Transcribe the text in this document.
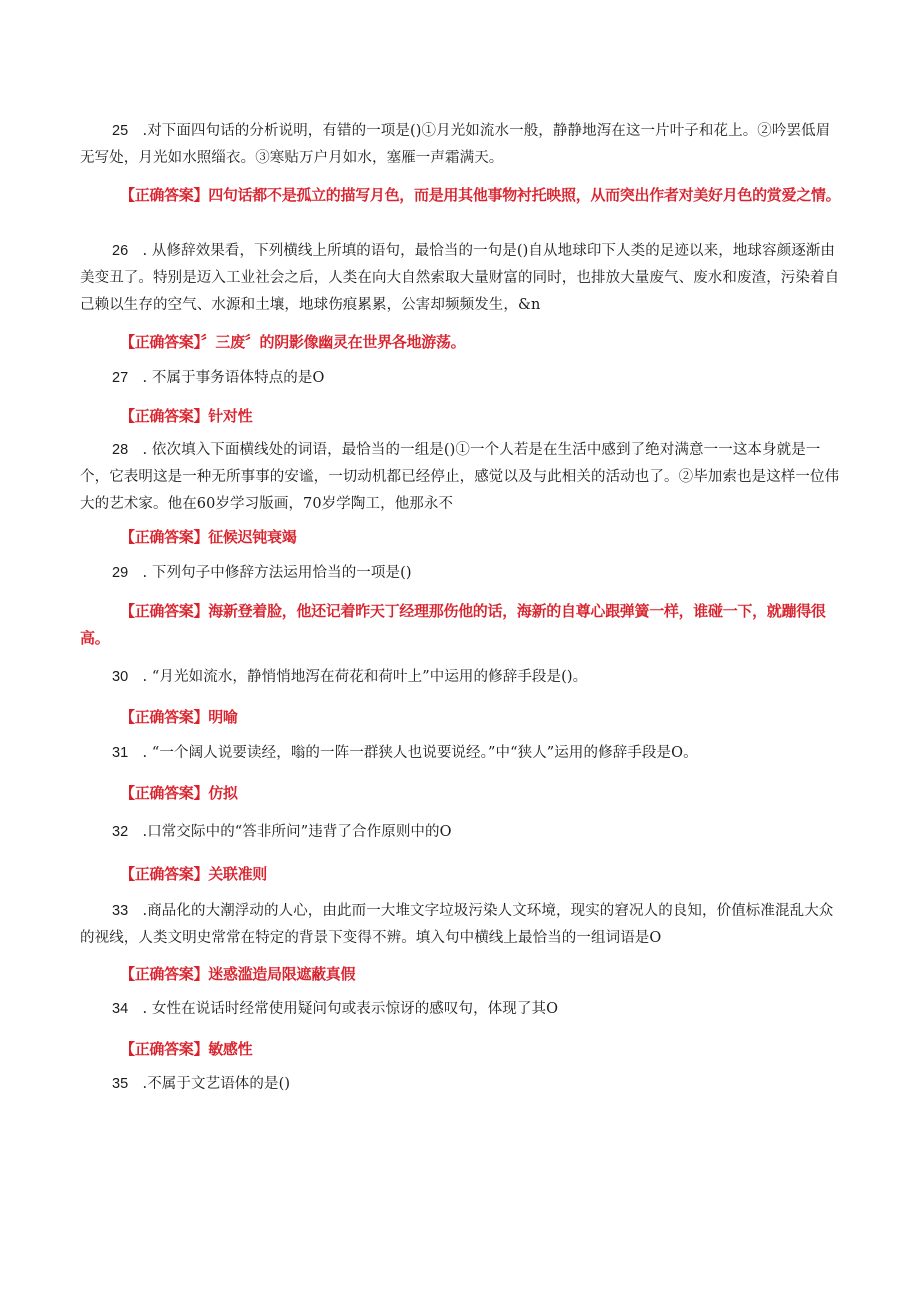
25 .对下面四句话的分析说明，有错的一项是()①月光如流水一般，静静地泻在这一片叶子和花上。②吟罢低眉无写处，月光如水照缁衣。③寒贴万户月如水，塞雁一声霜满天。

【正确答案】四句话都不是孤立的描写月色，而是用其他事物衬托映照，从而突出作者对美好月色的赏爱之情。

26 . 从修辞效果看，下列横线上所填的语句，最恰当的一句是()自从地球印下人类的足迹以来，地球容颜逐渐由美变丑了。特别是迈入工业社会之后，人类在向大自然索取大量财富的同时，也排放大量废气、废水和废渣，污染着自己赖以生存的空气、水源和土壤，地球伤痕累累，公害却频频发生，&n

【正确答案】〞三废〞的阴影像幽灵在世界各地游荡。

27 . 不属于事务语体特点的是O

【正确答案】针对性

28 . 依次填入下面横线处的词语，最恰当的一组是()①一个人若是在生活中感到了绝对满意一一这本身就是一个，它表明这是一种无所事事的安谧，一切动机都已经停止，感觉以及与此相关的活动也了。②毕加索也是这样一位伟大的艺术家。他在60岁学习版画，70岁学陶工，他那永不

【正确答案】征候迟钝衰竭

29 . 下列句子中修辞方法运用恰当的一项是()

【正确答案】海新登着脸，他还记着昨天丁经理那伤他的话，海新的自尊心跟弹簧一样，谁碰一下，就蹦得很高。

30 . “月光如流水，静悄悄地泻在荷花和荷叶上”中运用的修辞手段是()。

【正确答案】明喻

31 . “一个阔人说要读经，嗡的一阵一群狭人也说要说经。”中“狭人”运用的修辞手段是O。

【正确答案】仿拟

32 .口常交际中的“答非所问”违背了合作原则中的O

【正确答案】关联准则

33 .商品化的大潮浮动的人心，由此而一大堆文字垃圾污染人文环境，现实的窘况人的良知，价值标准混乱大众的视线，人类文明史常常在特定的背景下变得不辨。填入句中横线上最恰当的一组词语是O

【正确答案】迷惑滥造局限遮蔽真假

34 . 女性在说话时经常使用疑问句或表示惊讶的感叹句，体现了其O

【正确答案】敏感性

35 .不属于文艺语体的是()
